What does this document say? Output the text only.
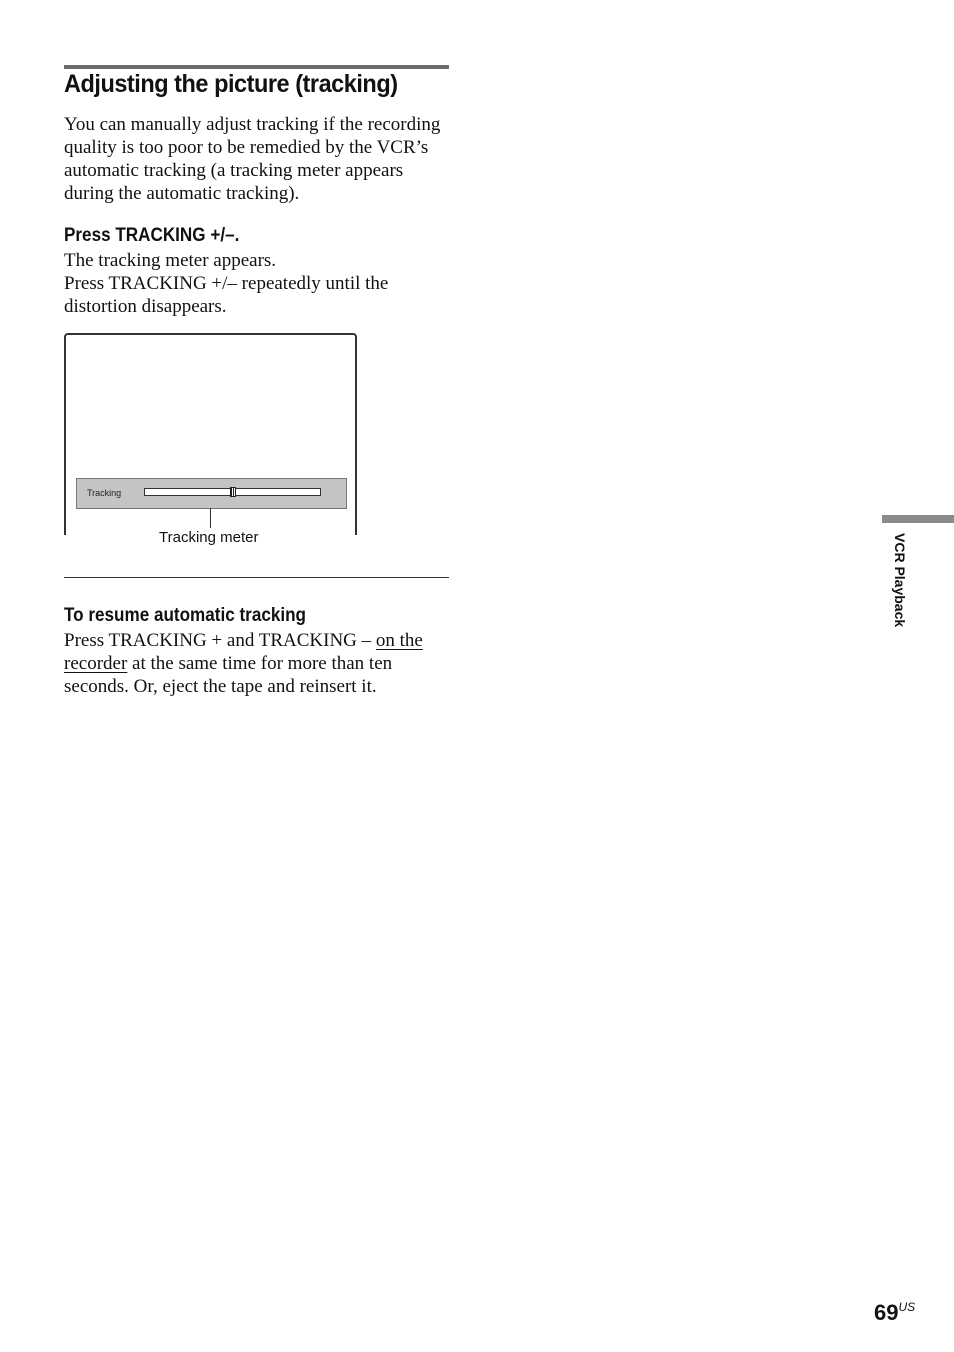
Adjusting the picture (tracking)

You can manually adjust tracking if the recording quality is too poor to be remedied by the VCR’s automatic tracking (a tracking meter appears during the automatic tracking).

Press TRACKING +/–.

The tracking meter appears.
Press TRACKING +/– repeatedly until the distortion disappears.

Tracking
Tracking meter
To resume automatic tracking

Press TRACKING + and TRACKING – on the recorder at the same time for more than ten seconds. Or, eject the tape and reinsert it.

VCR Playback
$69^{US}$
